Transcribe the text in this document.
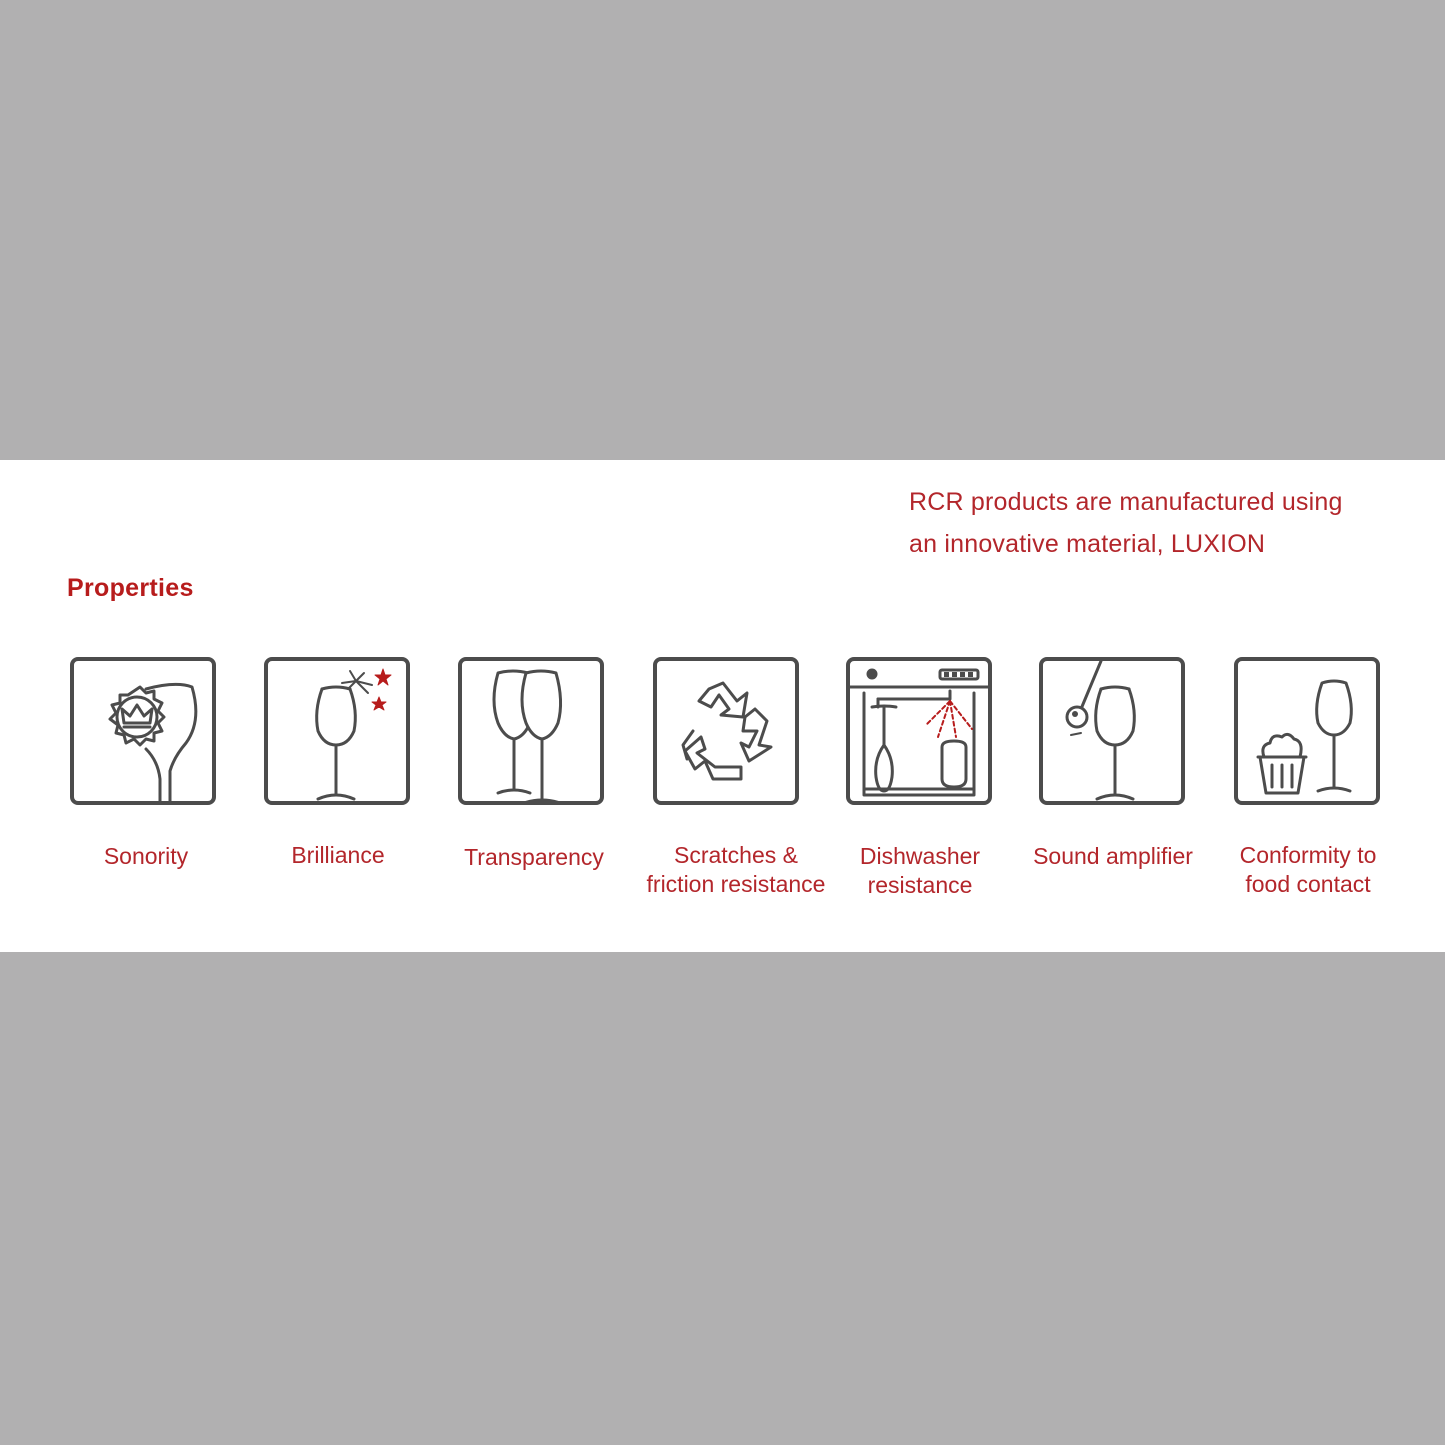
RCR products are manufactured using
an innovative material, LUXION
Properties
Sonority	Brilliance	Transparency	Scratches &
friction resistance
Dishwasher
resistance
Sound amplifier	Conformity to
food contact
